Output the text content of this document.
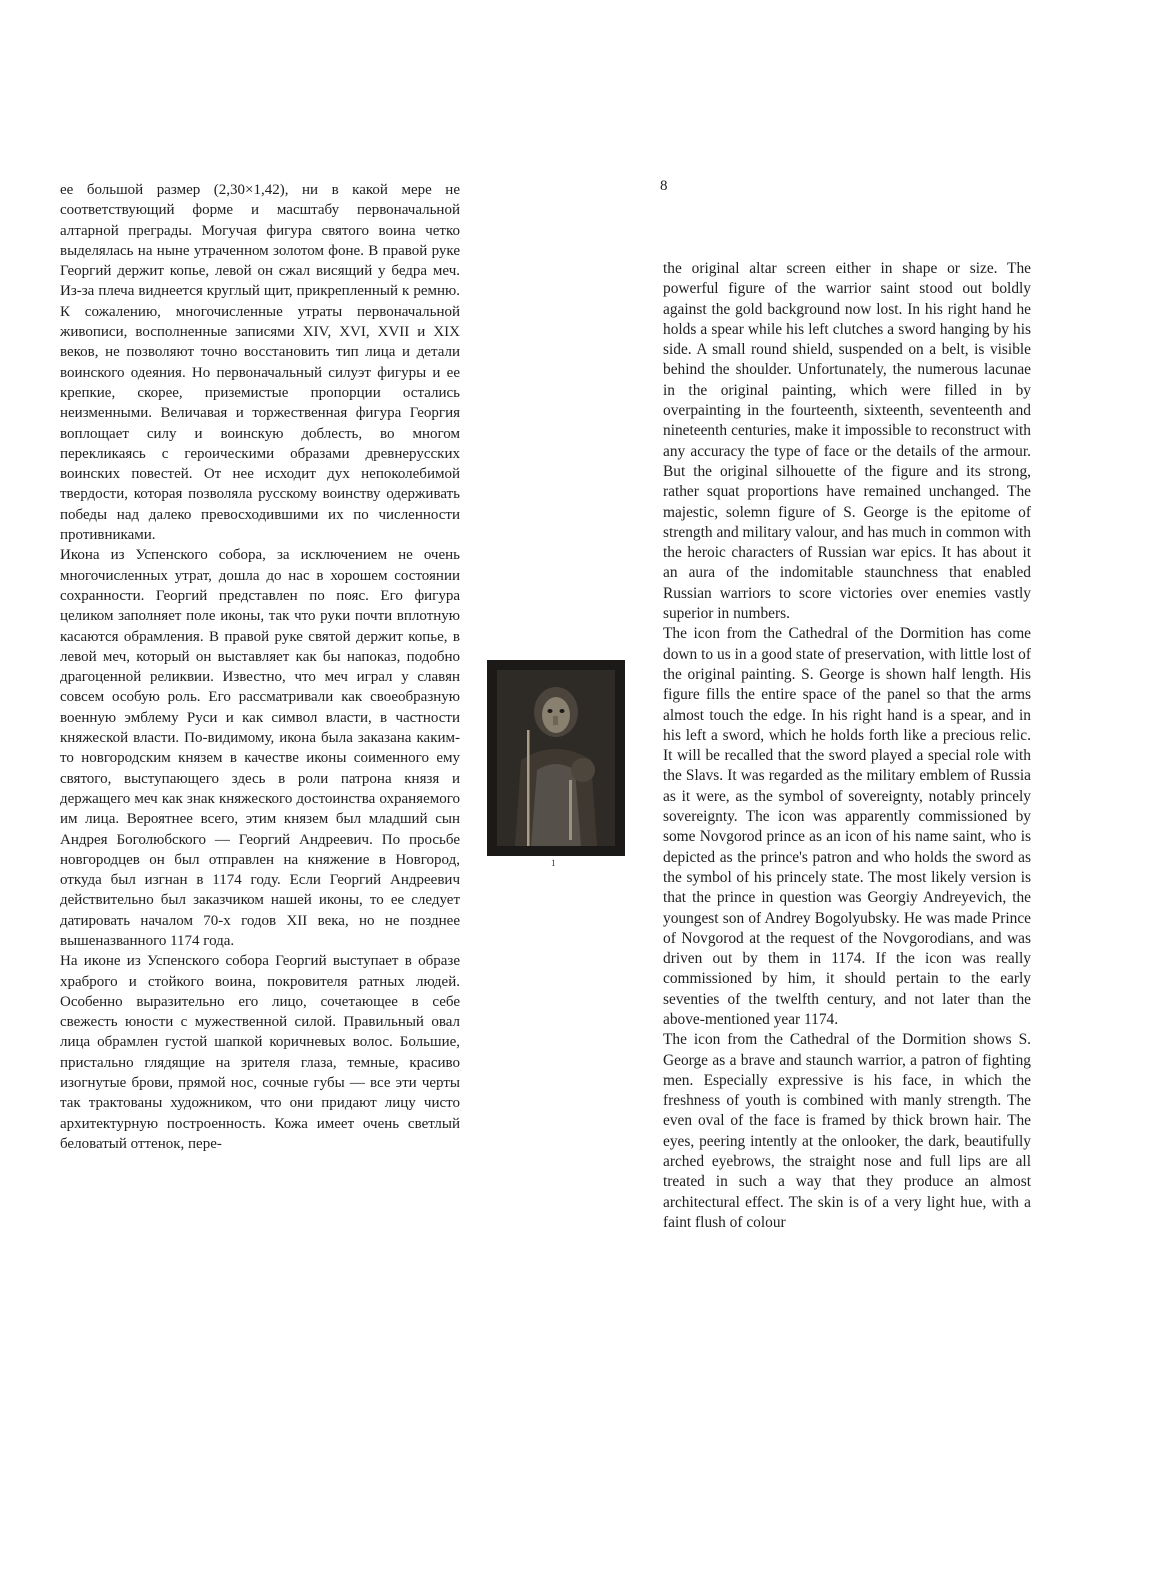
ее большой размер (2,30×1,42), ни в какой мере не соответствующий форме и масштабу первоначальной алтарной преграды. Могучая фигура святого воина четко выделялась на ныне утраченном золотом фоне. В правой руке Георгий держит копье, левой он сжал висящий у бедра меч. Из-за плеча виднеется круглый щит, прикрепленный к ремню. К сожалению, многочисленные утраты первоначальной живописи, восполненные записями XIV, XVI, XVII и XIX веков, не позволяют точно восстановить тип лица и детали воинского одеяния. Но первоначальный силуэт фигуры и ее крепкие, скорее, приземистые пропорции остались неизменными. Величавая и торжественная фигура Георгия воплощает силу и воинскую доблесть, во многом перекликаясь с героическими образами древнерусских воинских повестей. От нее исходит дух непоколебимой твердости, которая позволяла русскому воинству одерживать победы над далеко превосходившими их по численности противниками.

Икона из Успенского собора, за исключением не очень многочисленных утрат, дошла до нас в хорошем состоянии сохранности. Георгий представлен по пояс. Его фигура целиком заполняет поле иконы, так что руки почти вплотную касаются обрамления. В правой руке святой держит копье, в левой меч, который он выставляет как бы напоказ, подобно драгоценной реликвии. Известно, что меч играл у славян совсем особую роль. Его рассматривали как своеобразную военную эмблему Руси и как символ власти, в частности княжеской власти. По-видимому, икона была заказана каким-то новгородским князем в качестве иконы соименного ему святого, выступающего здесь в роли патрона князя и держащего меч как знак княжеского достоинства охраняемого им лица. Вероятнее всего, этим князем был младший сын Андрея Боголюбского — Георгий Андреевич. По просьбе новгородцев он был отправлен на княжение в Новгород, откуда был изгнан в 1174 году. Если Георгий Андреевич действительно был заказчиком нашей иконы, то ее следует датировать началом 70-х годов XII века, но не позднее вышеназванного 1174 года.

На иконе из Успенского собора Георгий выступает в образе храброго и стойкого воина, покровителя ратных людей. Особенно выразительно его лицо, сочетающее в себе свежесть юности с мужественной силой. Правильный овал лица обрамлен густой шапкой коричневых волос. Большие, пристально глядящие на зрителя глаза, темные, красиво изогнутые брови, прямой нос, сочные губы — все эти черты так трактованы художником, что они придают лицу чисто архитектурную построенность. Кожа имеет очень светлый беловатый оттенок, пере-

8
1

the original altar screen either in shape or size. The powerful figure of the warrior saint stood out boldly against the gold background now lost. In his right hand he holds a spear while his left clutches a sword hanging by his side. A small round shield, suspended on a belt, is visible behind the shoulder. Unfortunately, the numerous lacunae in the original painting, which were filled in by overpainting in the fourteenth, sixteenth, seventeenth and nineteenth centuries, make it impossible to reconstruct with any accuracy the type of face or the details of the armour. But the original silhouette of the figure and its strong, rather squat proportions have remained unchanged. The majestic, solemn figure of S. George is the epitome of strength and military valour, and has much in common with the heroic characters of Russian war epics. It has about it an aura of the indomitable staunchness that enabled Russian warriors to score victories over enemies vastly superior in numbers.

The icon from the Cathedral of the Dormition has come down to us in a good state of preservation, with little lost of the original painting. S. George is shown half length. His figure fills the entire space of the panel so that the arms almost touch the edge. In his right hand is a spear, and in his left a sword, which he holds forth like a precious relic. It will be recalled that the sword played a special role with the Slavs. It was regarded as the military emblem of Russia as it were, as the symbol of sovereignty, notably princely sovereignty. The icon was apparently commissioned by some Novgorod prince as an icon of his name saint, who is depicted as the prince's patron and who holds the sword as the symbol of his princely state. The most likely version is that the prince in question was Georgiy Andreyevich, the youngest son of Andrey Bogolyubsky. He was made Prince of Novgorod at the request of the Novgorodians, and was driven out by them in 1174. If the icon was really commissioned by him, it should pertain to the early seventies of the twelfth century, and not later than the above-mentioned year 1174.

The icon from the Cathedral of the Dormition shows S. George as a brave and staunch warrior, a patron of fighting men. Especially expressive is his face, in which the freshness of youth is combined with manly strength. The even oval of the face is framed by thick brown hair. The eyes, peering intently at the onlooker, the dark, beautifully arched eyebrows, the straight nose and full lips are all treated in such a way that they produce an almost architectural effect. The skin is of a very light hue, with a faint flush of colour
